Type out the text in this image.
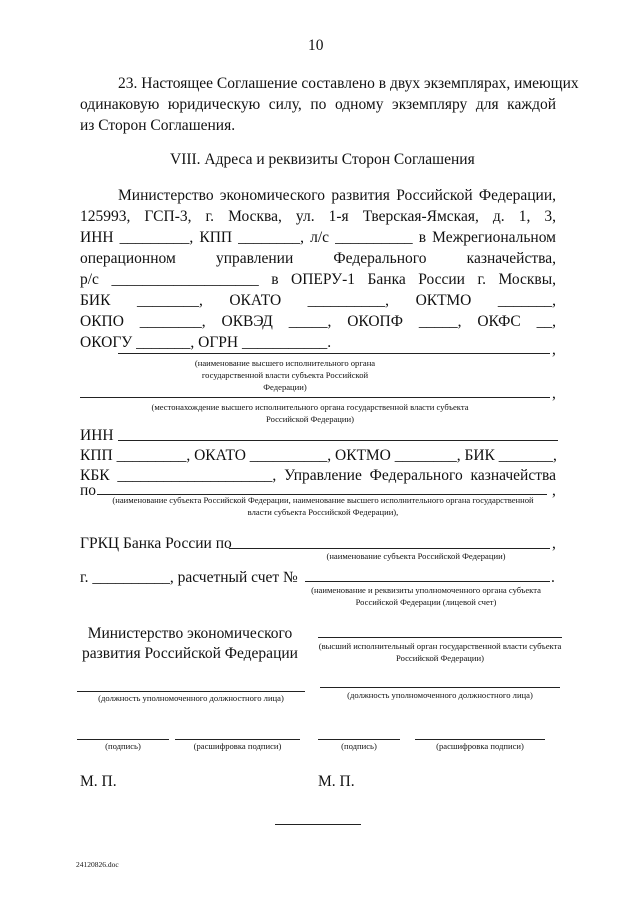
10
23. Настоящее Соглашение составлено в двух экземплярах, имеющих
одинаковую юридическую силу, по одному экземпляру для каждой
из Сторон Соглашения.
VIII. Адреса и реквизиты Сторон Соглашения
Министерство экономического развития Российской Федерации,
125993, ГСП-3, г. Москва, ул. 1-я Тверская-Ямская, д. 1, 3,
ИНН _________, КПП ________, л/с __________ в Межрегиональном
операционном управлении Федерального казначейства,
р/с ___________________ в ОПЕРУ-1 Банка России г. Москвы,
БИК ________, ОКАТО __________, ОКТМО _______,
ОКПО ________, ОКВЭД _____, ОКОПФ _____, ОКФС __,
ОКОГУ _______, ОГРН ___________.	,
(наименование высшего исполнительного органа государственной власти субъекта Российской Федерации)	,
(местонахождение высшего исполнительного органа государственной власти субъекта Российской Федерации)
ИНН
КПП _________, ОКАТО __________, ОКТМО ________, БИК _______,
КБК ____________________, Управление Федерального казначейства
по	,
(наименование субъекта Российской Федерации, наименование высшего исполнительного органа государственной власти субъекта Российской Федерации),
ГРКЦ Банка России по	,
(наименование субъекта Российской Федерации)
г. __________, расчетный счет №	.
(наименование и реквизиты уполномоченного органа субъекта Российской Федерации (лицевой счет)
Министерство экономического развития Российской Федерации
(должность уполномоченного должностного лица)
(подпись)	(расшифровка подписи)
М. П.
(высший исполнительный орган государственной власти субъекта Российской Федерации)
(должность уполномоченного должностного лица)
(подпись)	(расшифровка подписи)
М. П.
24120826.doc
